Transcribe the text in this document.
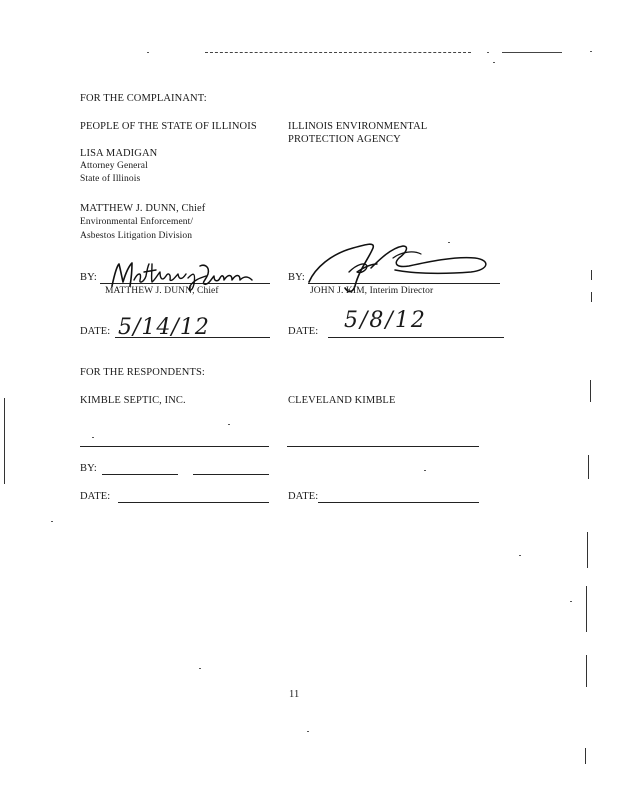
FOR THE COMPLAINANT:
PEOPLE OF THE STATE OF ILLINOIS	ILLINOIS ENVIRONMENTAL
PROTECTION AGENCY
LISA MADIGAN
Attorney General
State of Illinois
MATTHEW J. DUNN, Chief
Environmental Enforcement/
Asbestos Litigation Division
BY:
MATTHEW J. DUNN, Chief
BY:
JOHN J. KIM, Interim Director
DATE: 5/14/12	DATE: 5/8/12
FOR THE RESPONDENTS:
KIMBLE SEPTIC, INC.	CLEVELAND KIMBLE
BY:
DATE:	DATE:
11
